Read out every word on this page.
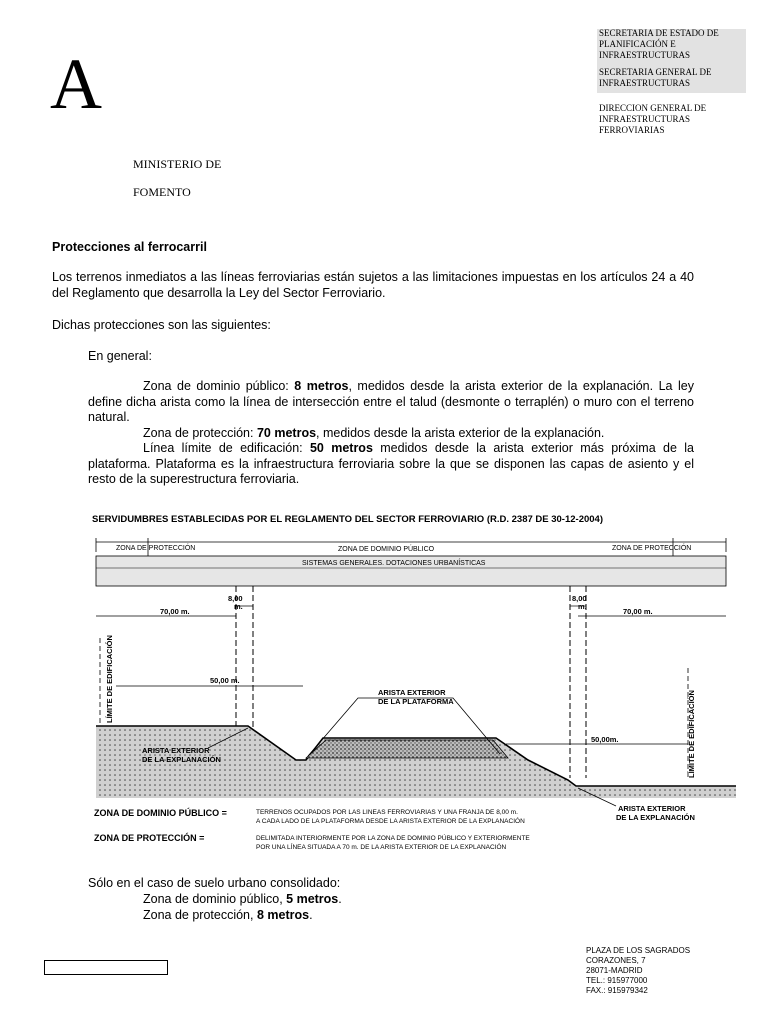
A
MINISTERIO DE
FOMENTO
SECRETARIA DE ESTADO DE PLANIFICACIÓN E INFRAESTRUCTURAS
SECRETARIA GENERAL DE INFRAESTRUCTURAS
DIRECCION GENERAL DE INFRAESTRUCTURAS FERROVIARIAS
Protecciones al ferrocarril
Los terrenos inmediatos a las líneas ferroviarias están sujetos a las limitaciones impuestas en los artículos 24 a 40 del Reglamento que desarrolla la Ley del Sector Ferroviario.
Dichas protecciones son las siguientes:
En general:
Zona de dominio público: 8 metros, medidos desde la arista exterior de la explanación. La ley define dicha arista como la línea de intersección entre el talud (desmonte o terraplén) o muro con el terreno natural.
Zona de protección: 70 metros, medidos desde la arista exterior de la explanación.
Línea límite de edificación: 50 metros medidos desde la arista exterior más próxima de la plataforma. Plataforma es la infraestructura ferroviaria sobre la que se disponen las capas de asiento y el resto de la superestructura ferroviaria.
SERVIDUMBRES ESTABLECIDAS POR EL REGLAMENTO DEL SECTOR FERROVIARIO (R.D. 2387 DE 30-12-2004)
ZONA DE PROTECCIÓN	ZONA DE DOMINIO PÚBLICO	ZONA DE PROTECCIÓN
SISTEMAS GENERALES. DOTACIONES URBANÍSTICAS
70,00 m.	70,00 m.
8,00
m.
8,00
m.
LÍMITE DE EDIFICACIÓN
LÍMITE DE EDIFICACIÓN
50,00 m.
50,00m.
ARISTA EXTERIOR
DE LA PLATAFORMA
ARISTA EXTERIOR
DE LA EXPLANACIÓN
ARISTA EXTERIOR
DE LA EXPLANACIÓN
ZONA DE DOMINIO PÚBLICO =	TERRENOS OCUPADOS POR LAS LINEAS FERROVIARIAS Y UNA FRANJA DE 8,00 m.
A CADA LADO DE LA PLATAFORMA DESDE LA ARISTA EXTERIOR DE LA EXPLANACIÓN
ZONA DE PROTECCIÓN =	DELIMITADA INTERIORMENTE POR LA ZONA DE DOMINIO PÚBLICO Y EXTERIORMENTE
POR UNA LÍNEA SITUADA A 70 m. DE LA ARISTA EXTERIOR DE LA EXPLANACIÓN
Sólo en el caso de suelo urbano consolidado:
Zona de dominio público, 5 metros.
Zona de protección, 8 metros.
PLAZA DE LOS SAGRADOS
CORAZONES, 7
28071-MADRID
TEL.: 915977000
FAX.: 915979342
